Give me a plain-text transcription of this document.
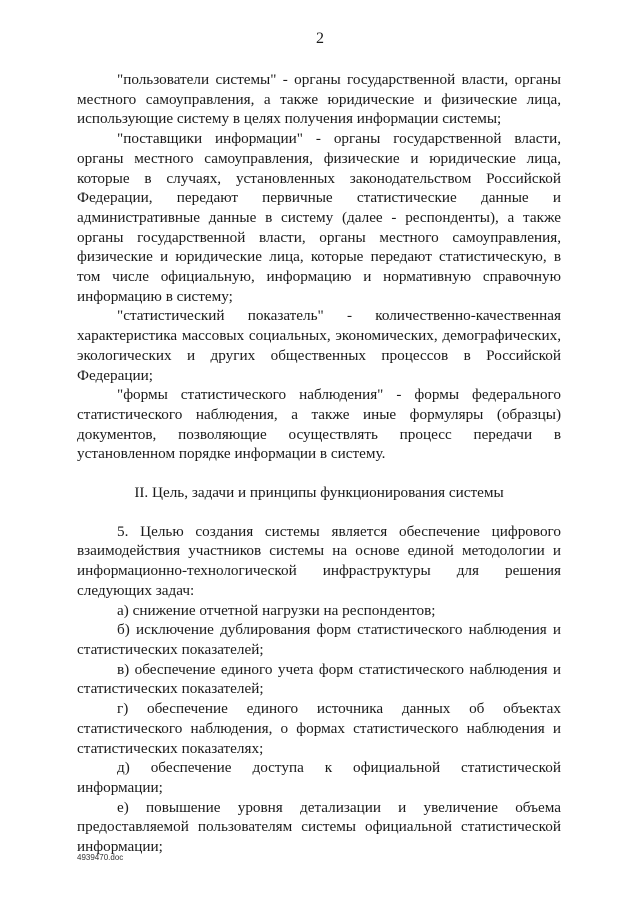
2

"пользователи системы" - органы государственной власти, органы местного самоуправления, а также юридические и физические лица, использующие систему в целях получения информации системы;

"поставщики информации" - органы государственной власти, органы местного самоуправления, физические и юридические лица, которые в случаях, установленных законодательством Российской Федерации, передают первичные статистические данные и административные данные в систему (далее - респонденты), а также органы государственной власти, органы местного самоуправления, физические и юридические лица, которые передают статистическую, в том числе официальную, информацию и нормативную справочную информацию в систему;

"статистический показатель" - количественно-качественная характеристика массовых социальных, экономических, демографических, экологических и других общественных процессов в Российской Федерации;

"формы статистического наблюдения" - формы федерального статистического наблюдения, а также иные формуляры (образцы) документов, позволяющие осуществлять процесс передачи в установленном порядке информации в систему.

II. Цель, задачи и принципы функционирования системы

5. Целью создания системы является обеспечение цифрового взаимодействия участников системы на основе единой методологии и информационно-технологической инфраструктуры для решения следующих задач:

а) снижение отчетной нагрузки на респондентов;

б) исключение дублирования форм статистического наблюдения и статистических показателей;

в) обеспечение единого учета форм статистического наблюдения и статистических показателей;

г) обеспечение единого источника данных об объектах статистического наблюдения, о формах статистического наблюдения и статистических показателях;

д) обеспечение доступа к официальной статистической информации;

е) повышение уровня детализации и увеличение объема предоставляемой пользователям системы официальной статистической информации;

4939470.doc
